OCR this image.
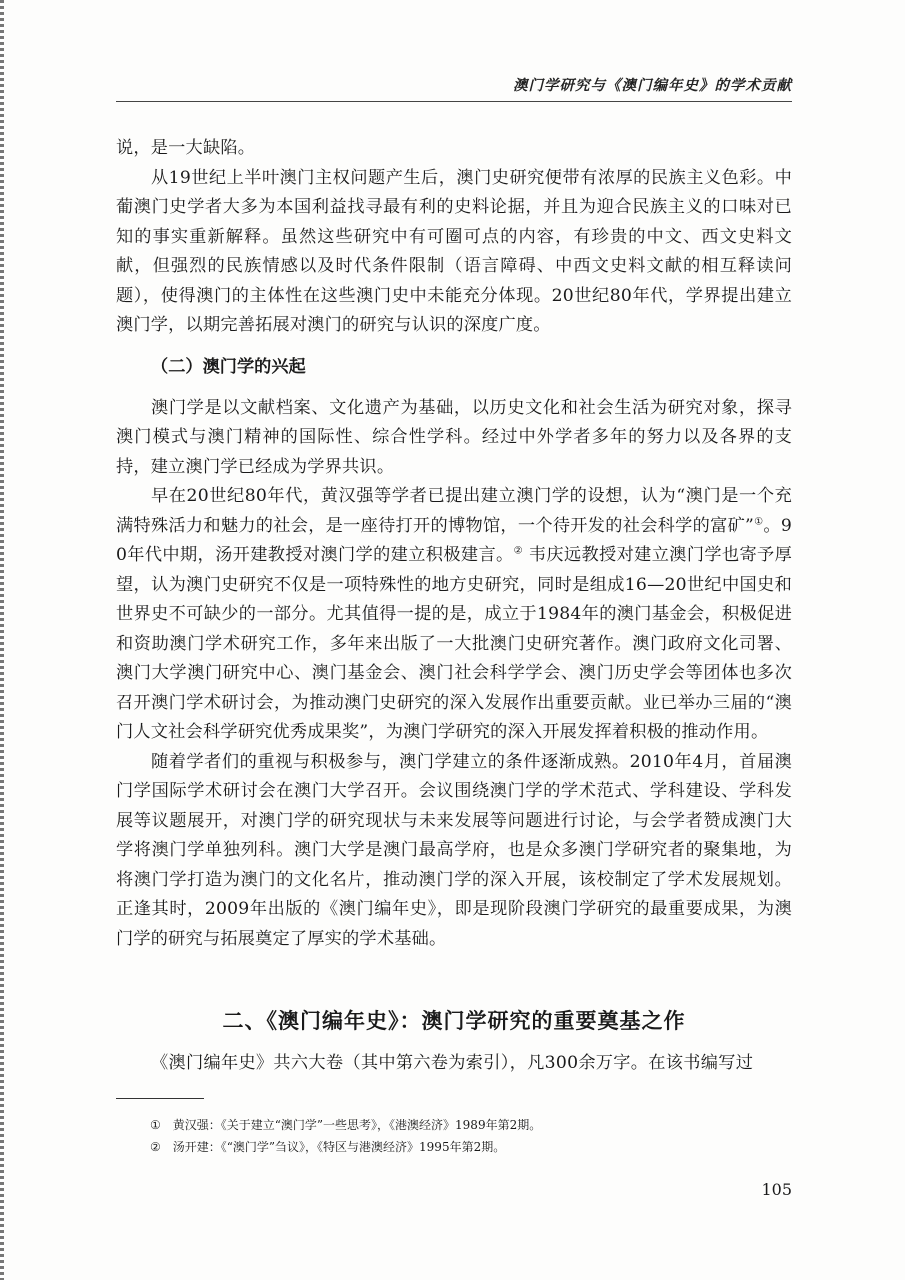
澳门学研究与《澳门编年史》的学术贡献

说，是一大缺陷。

从19世纪上半叶澳门主权问题产生后，澳门史研究便带有浓厚的民族主义色彩。中葡澳门史学者大多为本国利益找寻最有利的史料论据，并且为迎合民族主义的口味对已知的事实重新解释。虽然这些研究中有可圈可点的内容，有珍贵的中文、西文史料文献，但强烈的民族情感以及时代条件限制（语言障碍、中西文史料文献的相互释读问题），使得澳门的主体性在这些澳门史中未能充分体现。20世纪80年代，学界提出建立澳门学，以期完善拓展对澳门的研究与认识的深度广度。

（二）澳门学的兴起

澳门学是以文献档案、文化遗产为基础，以历史文化和社会生活为研究对象，探寻澳门模式与澳门精神的国际性、综合性学科。经过中外学者多年的努力以及各界的支持，建立澳门学已经成为学界共识。

早在20世纪80年代，黄汉强等学者已提出建立澳门学的设想，认为“澳门是一个充满特殊活力和魅力的社会，是一座待打开的博物馆，一个待开发的社会科学的富矿”①。90年代中期，汤开建教授对澳门学的建立积极建言。② 韦庆远教授对建立澳门学也寄予厚望，认为澳门史研究不仅是一项特殊性的地方史研究，同时是组成16—20世纪中国史和世界史不可缺少的一部分。尤其值得一提的是，成立于1984年的澳门基金会，积极促进和资助澳门学术研究工作，多年来出版了一大批澳门史研究著作。澳门政府文化司署、澳门大学澳门研究中心、澳门基金会、澳门社会科学学会、澳门历史学会等团体也多次召开澳门学术研讨会，为推动澳门史研究的深入发展作出重要贡献。业已举办三届的“澳门人文社会科学研究优秀成果奖”，为澳门学研究的深入开展发挥着积极的推动作用。

随着学者们的重视与积极参与，澳门学建立的条件逐渐成熟。2010年4月，首届澳门学国际学术研讨会在澳门大学召开。会议围绕澳门学的学术范式、学科建设、学科发展等议题展开，对澳门学的研究现状与未来发展等问题进行讨论，与会学者赞成澳门大学将澳门学单独列科。澳门大学是澳门最高学府，也是众多澳门学研究者的聚集地，为将澳门学打造为澳门的文化名片，推动澳门学的深入开展，该校制定了学术发展规划。正逢其时，2009年出版的《澳门编年史》，即是现阶段澳门学研究的最重要成果，为澳门学的研究与拓展奠定了厚实的学术基础。

二、《澳门编年史》：澳门学研究的重要奠基之作
《澳门编年史》共六大卷（其中第六卷为索引），凡300余万字。在该书编写过
① 黄汉强：《关于建立“澳门学”一些思考》，《港澳经济》1989年第2期。
② 汤开建：《“澳门学”刍议》，《特区与港澳经济》1995年第2期。
105
